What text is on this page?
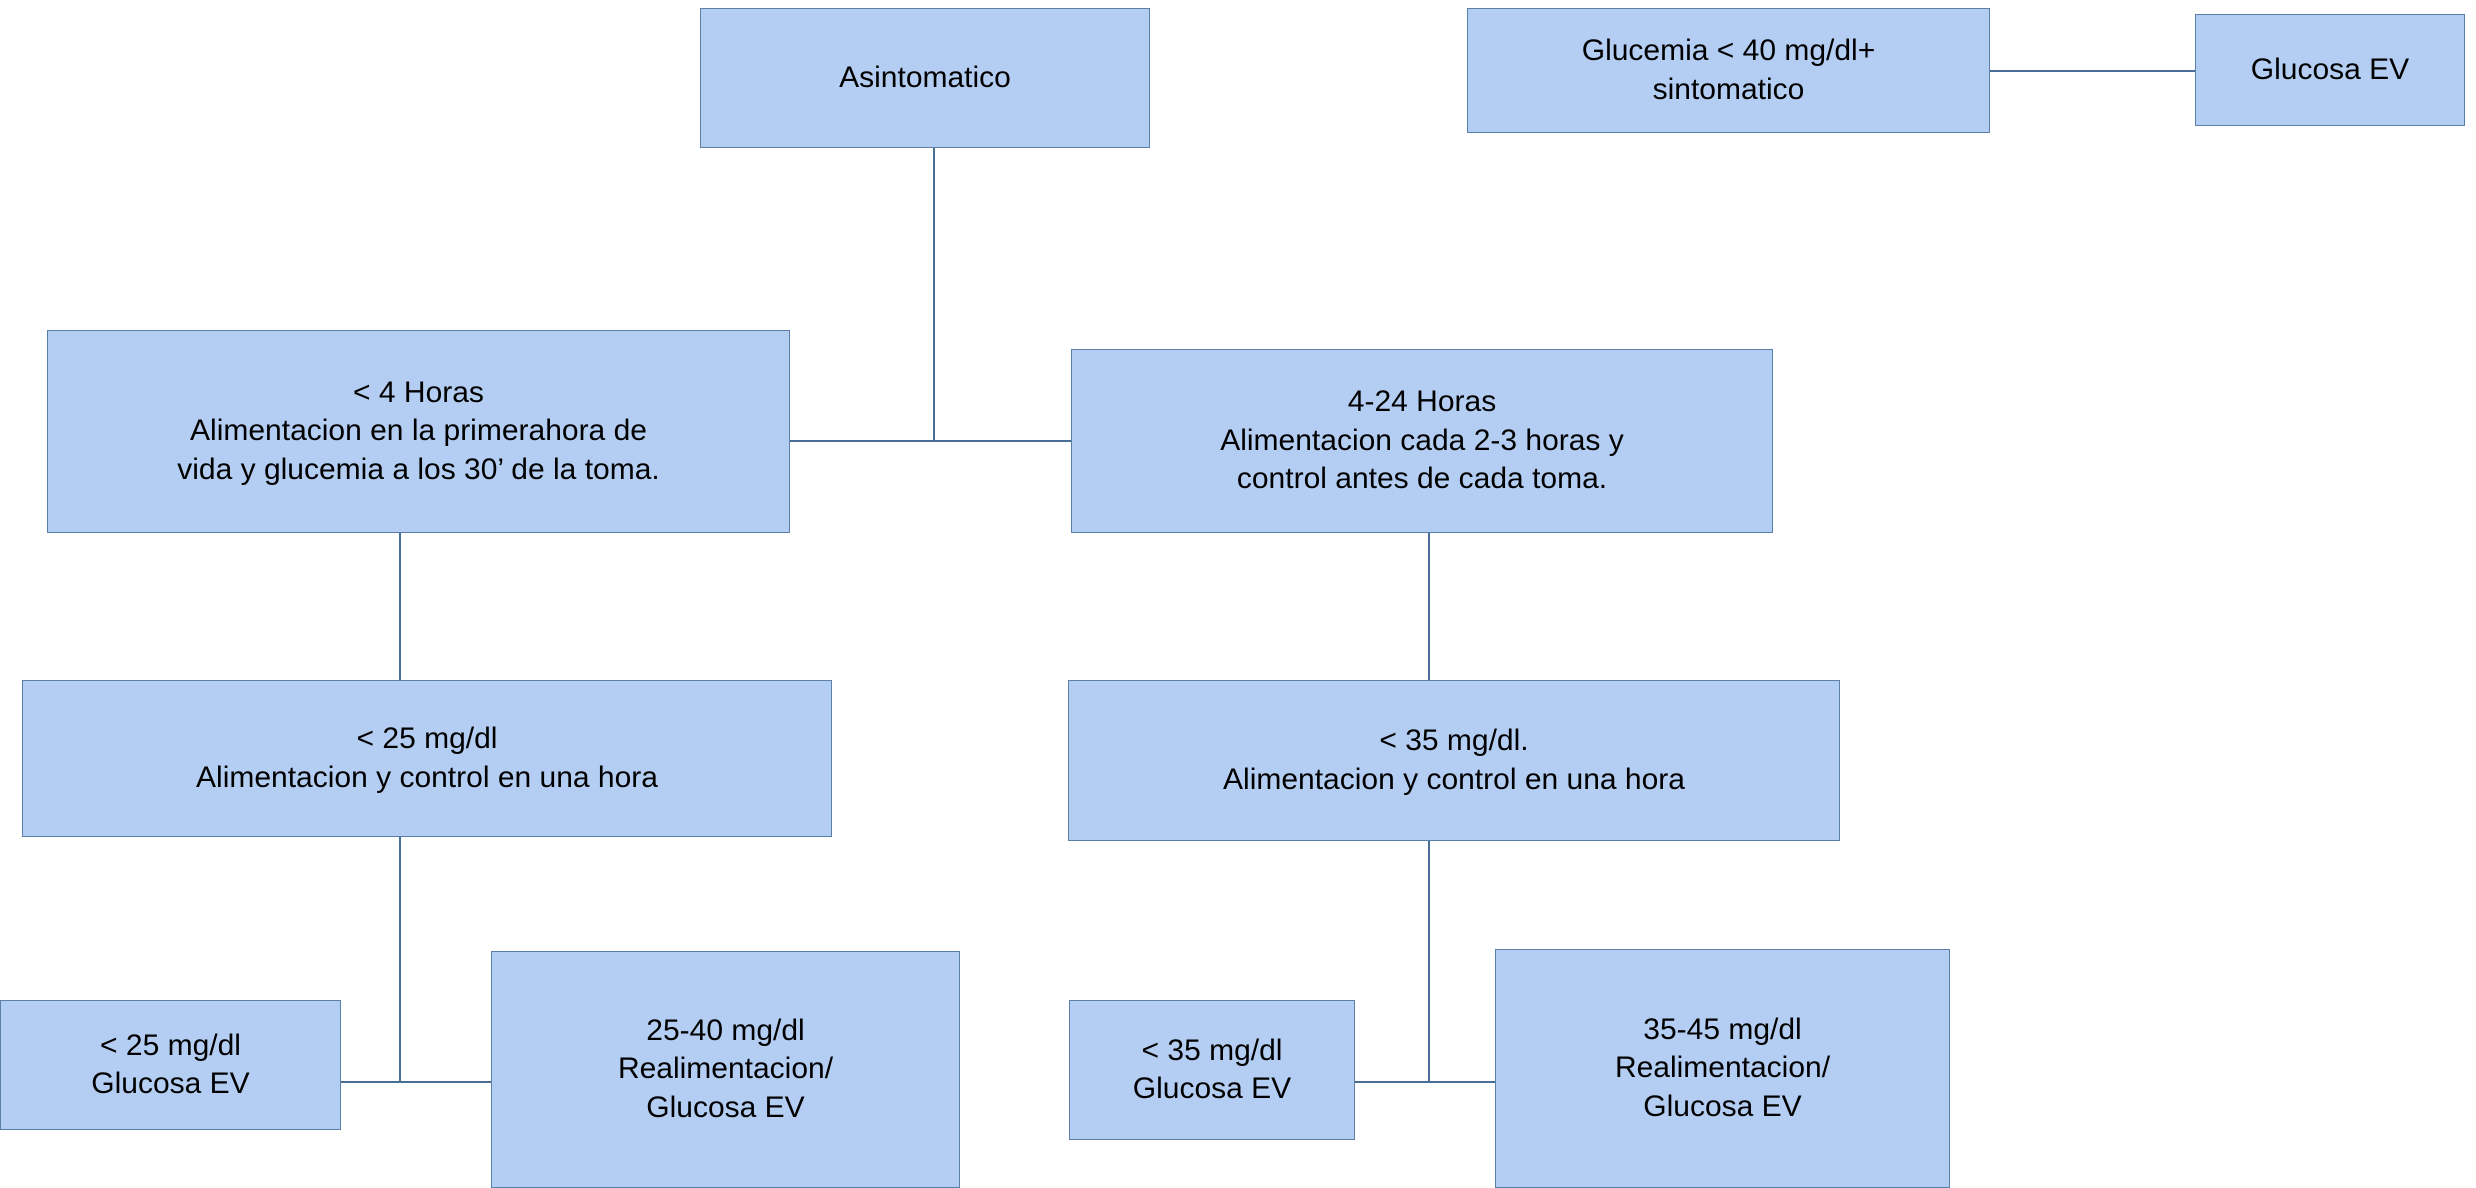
Asintomatico
Glucemia < 40 mg/dl+
sintomatico
Glucosa EV
< 4 Horas
Alimentacion en la primerahora de
vida y glucemia a los 30’ de la toma.
4-24 Horas
Alimentacion cada 2-3 horas y
control antes de cada toma.
< 25 mg/dl
Alimentacion y control en una hora
< 35 mg/dl.
Alimentacion y control en una hora
< 25 mg/dl
Glucosa EV
25-40 mg/dl
Realimentacion/
Glucosa EV
< 35 mg/dl
Glucosa EV
35-45 mg/dl
Realimentacion/
Glucosa EV
